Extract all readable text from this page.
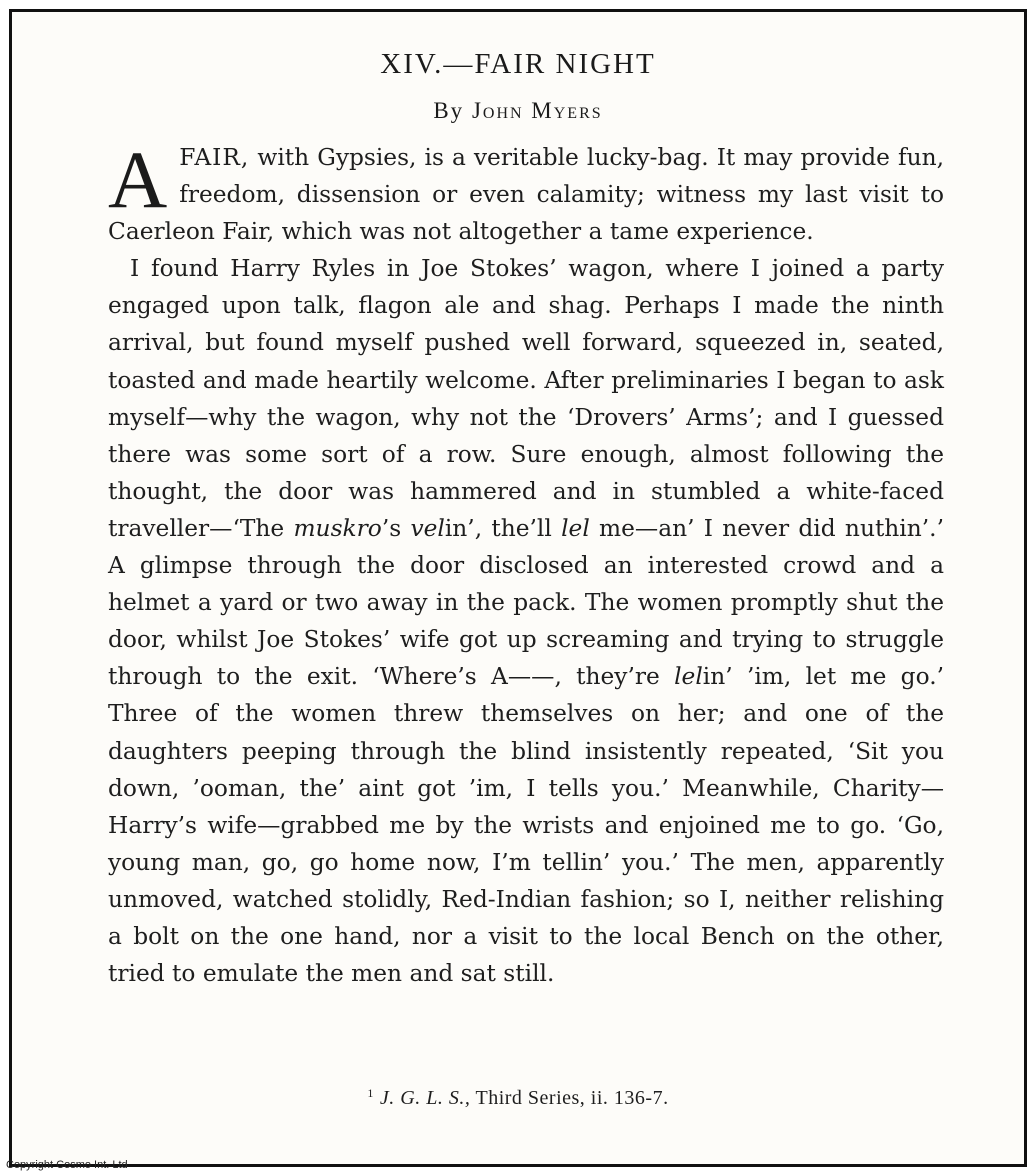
XIV.—FAIR NIGHT
By John Myers

AFAIR, with Gypsies, is a veritable lucky-bag. It may provide fun, freedom, dissension or even calamity; witness my last visit to Caerleon Fair, which was not altogether a tame experience.

I found Harry Ryles in Joe Stokes’ wagon, where I joined a party engaged upon talk, flagon ale and shag. Perhaps I made the ninth arrival, but found myself pushed well forward, squeezed in, seated, toasted and made heartily welcome. After preliminaries I began to ask myself—why the wagon, why not the ‘Drovers’ Arms’; and I guessed there was some sort of a row. Sure enough, almost following the thought, the door was hammered and in stumbled a white-faced traveller—‘The muskro’s velin’, the’ll lel me—an’ I never did nuthin’.’ A glimpse through the door disclosed an interested crowd and a helmet a yard or two away in the pack. The women promptly shut the door, whilst Joe Stokes’ wife got up screaming and trying to struggle through to the exit. ‘Where’s A——, they’re lelin’ ’im, let me go.’ Three of the women threw themselves on her; and one of the daughters peeping through the blind insistently repeated, ‘Sit you down, ’ooman, the’ aint got ’im, I tells you.’ Meanwhile, Charity—Harry’s wife—grabbed me by the wrists and enjoined me to go. ‘Go, young man, go, go home now, I’m tellin’ you.’ The men, apparently unmoved, watched stolidly, Red-Indian fashion; so I, neither relishing a bolt on the one hand, nor a visit to the local Bench on the other, tried to emulate the men and sat still.

$^1$ J. G. L. S., Third Series, ii. 136-7.
Copyright Cosmo Int. Ltd
